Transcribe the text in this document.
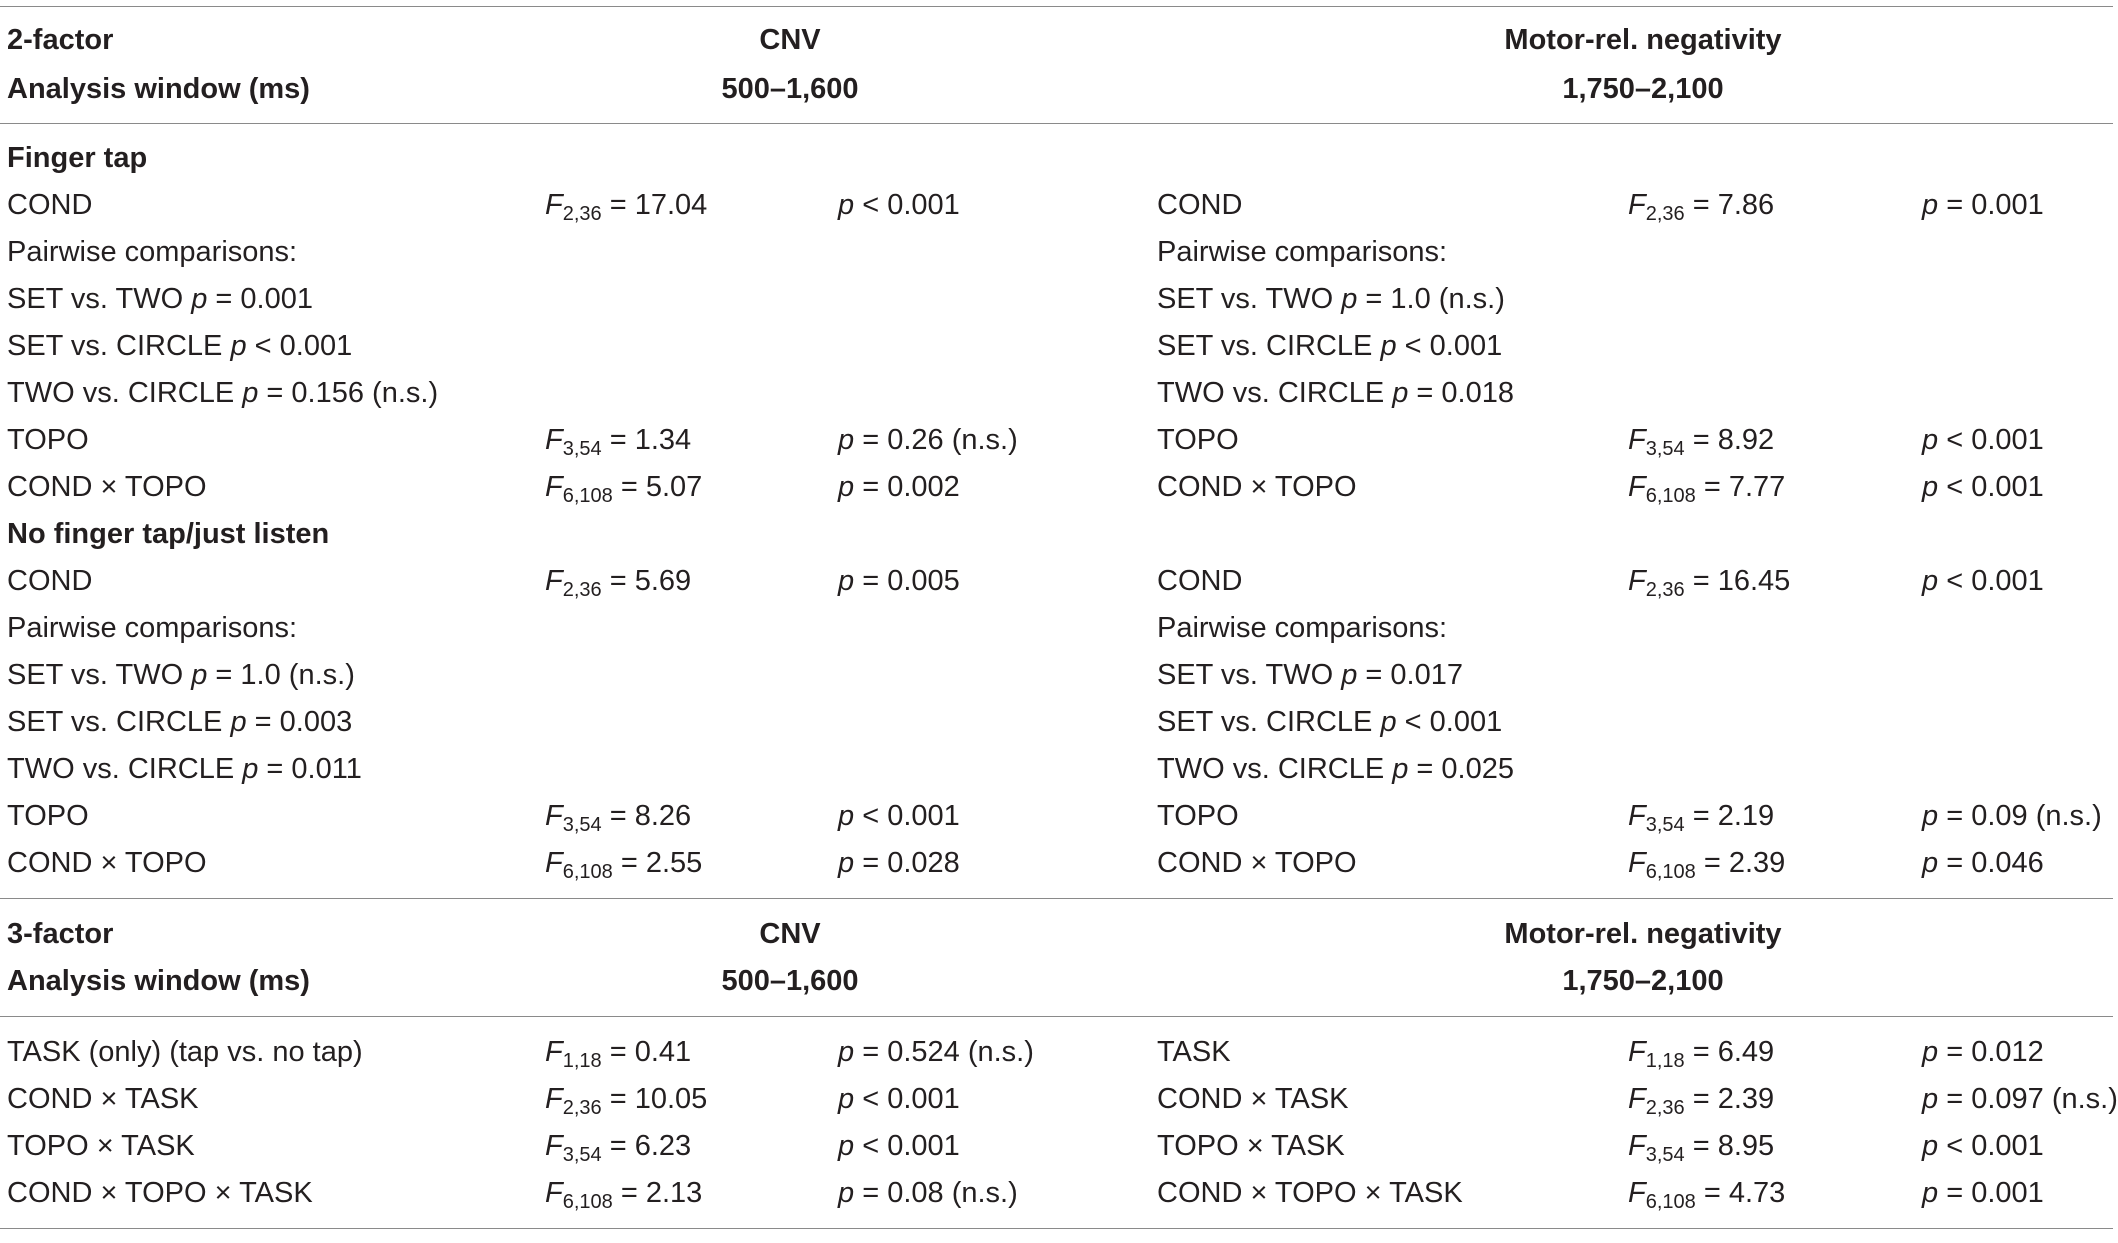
2-factor	CNV	Motor-rel. negativity
Analysis window (ms)	500–1,600	1,750–2,100
Finger tap
COND	$F_{2,36} = 17.04$	p < 0.001	COND	$F_{2,36} = 7.86$	p = 0.001
Pairwise comparisons:	Pairwise comparisons:
SET vs. TWO p = 0.001	SET vs. TWO p = 1.0 (n.s.)
SET vs. CIRCLE p < 0.001	SET vs. CIRCLE p < 0.001
TWO vs. CIRCLE p = 0.156 (n.s.)	TWO vs. CIRCLE p = 0.018
TOPO	$F_{3,54} = 1.34$	p = 0.26 (n.s.)	TOPO	$F_{3,54} = 8.92$	p < 0.001
COND × TOPO	$F_{6,108} = 5.07$	p = 0.002	COND × TOPO	$F_{6,108} = 7.77$	p < 0.001
No finger tap/just listen
COND	$F_{2,36} = 5.69$	p = 0.005	COND	$F_{2,36} = 16.45$	p < 0.001
Pairwise comparisons:	Pairwise comparisons:
SET vs. TWO p = 1.0 (n.s.)	SET vs. TWO p = 0.017
SET vs. CIRCLE p = 0.003	SET vs. CIRCLE p < 0.001
TWO vs. CIRCLE p = 0.011	TWO vs. CIRCLE p = 0.025
TOPO	$F_{3,54} = 8.26$	p < 0.001	TOPO	$F_{3,54} = 2.19$	p = 0.09 (n.s.)
COND × TOPO	$F_{6,108} = 2.55$	p = 0.028	COND × TOPO	$F_{6,108} = 2.39$	p = 0.046
3-factor	CNV	Motor-rel. negativity
Analysis window (ms)	500–1,600	1,750–2,100
TASK (only) (tap vs. no tap)	$F_{1,18} = 0.41$	p = 0.524 (n.s.)	TASK	$F_{1,18} = 6.49$	p = 0.012
COND × TASK	$F_{2,36} = 10.05$	p < 0.001	COND × TASK	$F_{2,36} = 2.39$	p = 0.097 (n.s.)
TOPO × TASK	$F_{3,54} = 6.23$	p < 0.001	TOPO × TASK	$F_{3,54} = 8.95$	p < 0.001
COND × TOPO × TASK	$F_{6,108} = 2.13$	p = 0.08 (n.s.)	COND × TOPO × TASK	$F_{6,108} = 4.73$	p = 0.001
